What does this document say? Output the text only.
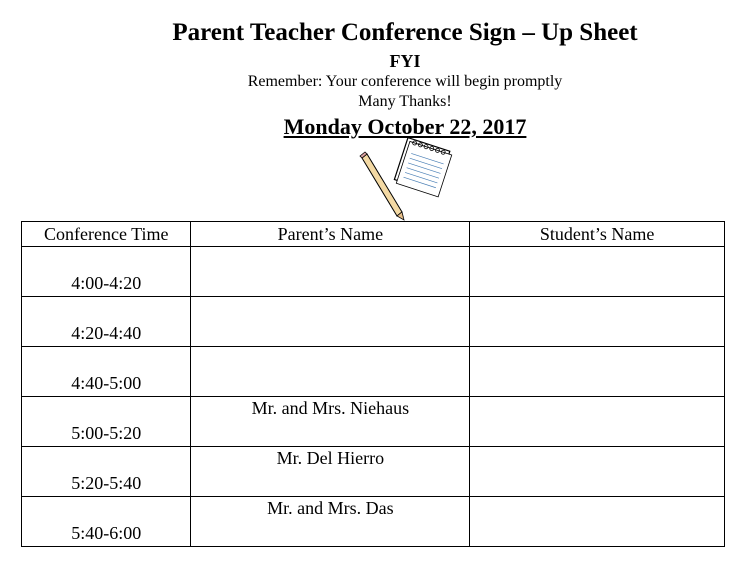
Parent Teacher Conference Sign – Up Sheet
FYI
Remember: Your conference will begin promptly
Many Thanks!
Monday October 22, 2017
Conference Time	Parent’s Name	Student’s Name

4:00-4:20		

4:20-4:40		

4:40-5:00		

5:00-5:20	Mr. and Mrs. Niehaus	

5:20-5:40	Mr. Del Hierro	

5:40-6:00	Mr. and Mrs. Das	
